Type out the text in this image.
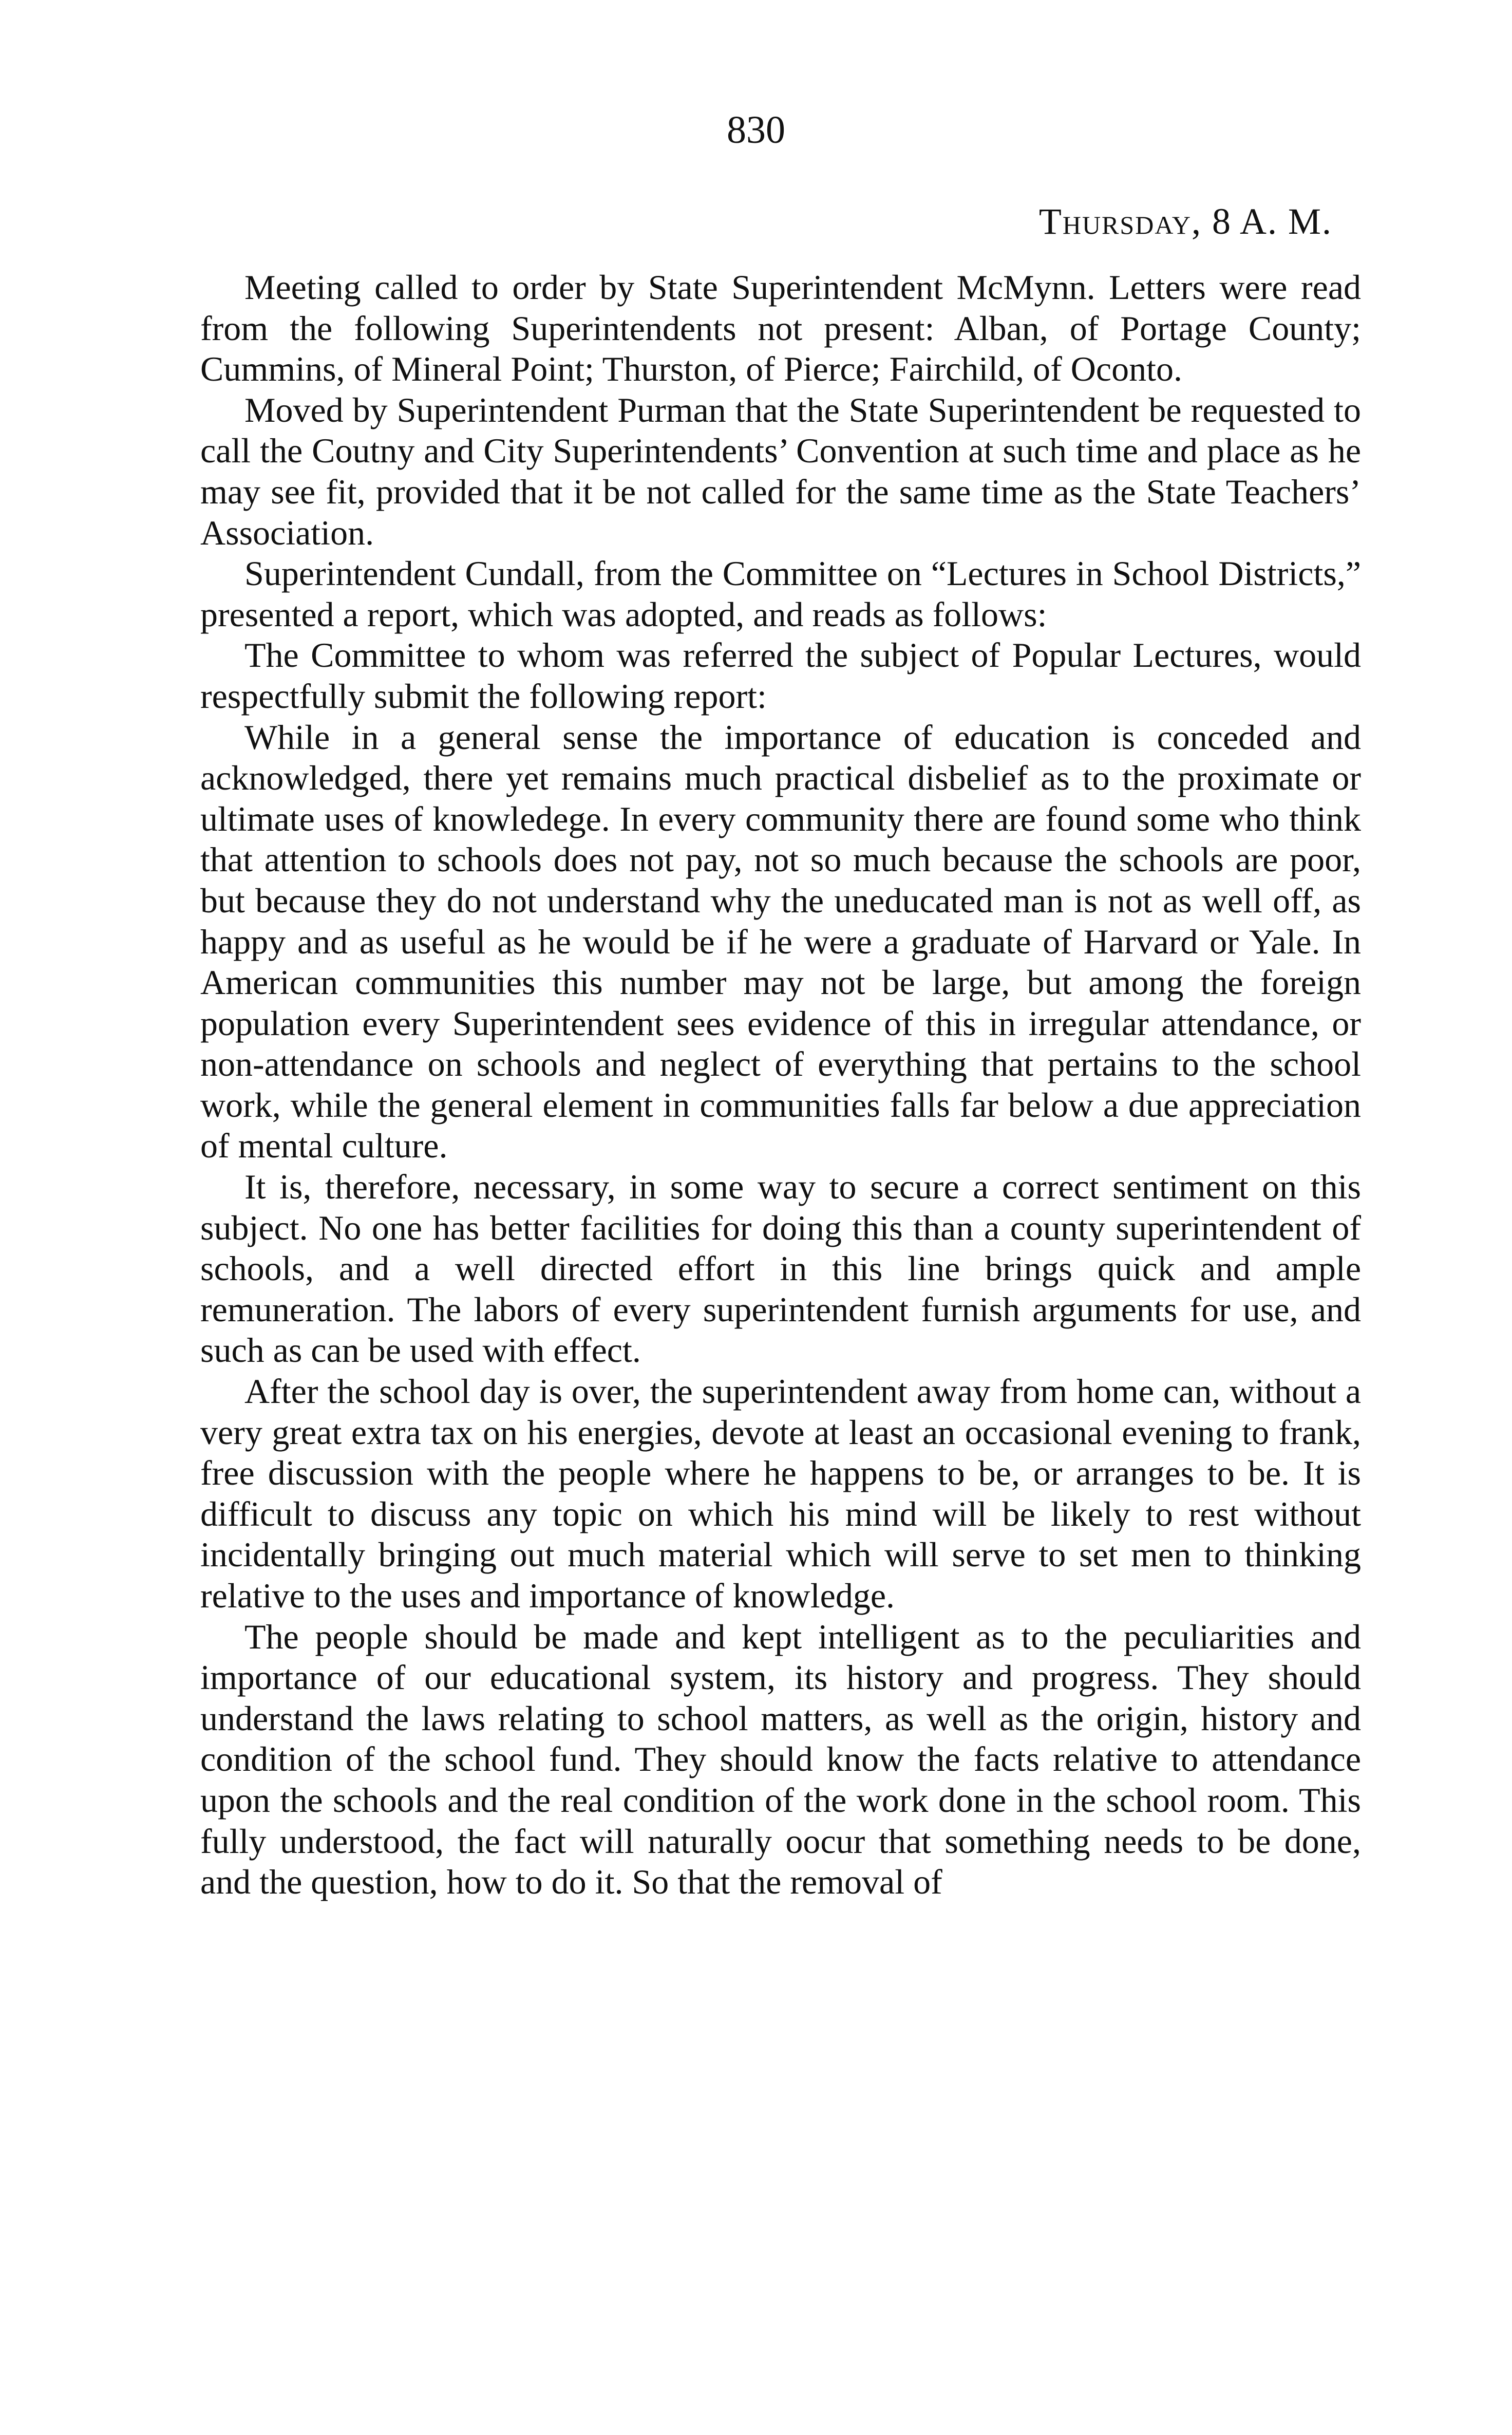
830
Thursday, 8 A. M.

Meeting called to order by State Superintendent McMynn. Letters were read from the following Superintendents not present: Alban, of Portage County; Cummins, of Mineral Point; Thurston, of Pierce; Fairchild, of Oconto.

Moved by Superintendent Purman that the State Superintendent be requested to call the Coutny and City Superintendents’ Convention at such time and place as he may see fit, provided that it be not called for the same time as the State Teachers’ Association.

Superintendent Cundall, from the Committee on “Lectures in School Districts,” presented a report, which was adopted, and reads as follows:

The Committee to whom was referred the subject of Popular Lectures, would respectfully submit the following report:

While in a general sense the importance of education is conceded and acknowledged, there yet remains much practical disbelief as to the proximate or ultimate uses of knowledege. In every community there are found some who think that attention to schools does not pay, not so much because the schools are poor, but because they do not understand why the uneducated man is not as well off, as happy and as useful as he would be if he were a graduate of Harvard or Yale. In American communities this number may not be large, but among the foreign population every Superintendent sees evidence of this in irregular attendance, or non-attendance on schools and neglect of everything that pertains to the school work, while the general element in communities falls far below a due appreciation of mental culture.

It is, therefore, necessary, in some way to secure a correct sentiment on this subject. No one has better facilities for doing this than a county superintendent of schools, and a well directed effort in this line brings quick and ample remuneration. The labors of every superintendent furnish arguments for use, and such as can be used with effect.

After the school day is over, the superintendent away from home can, without a very great extra tax on his energies, devote at least an occasional evening to frank, free discussion with the people where he happens to be, or arranges to be. It is difficult to discuss any topic on which his mind will be likely to rest without incidentally bringing out much material which will serve to set men to thinking relative to the uses and importance of knowledge.

The people should be made and kept intelligent as to the peculiarities and importance of our educational system, its history and progress. They should understand the laws relating to school matters, as well as the origin, history and condition of the school fund. They should know the facts relative to attendance upon the schools and the real condition of the work done in the school room. This fully understood, the fact will naturally oocur that something needs to be done, and the question, how to do it. So that the removal of
